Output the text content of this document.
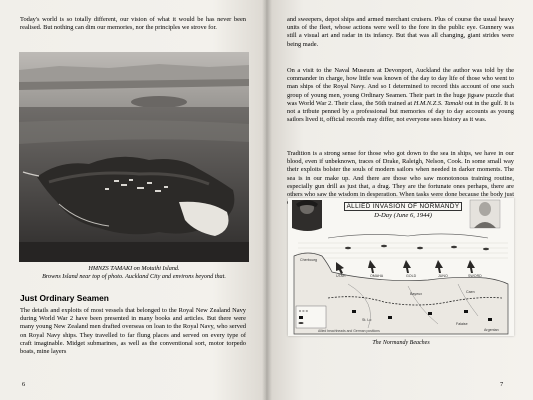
Today's world is so totally different, our vision of what it would be has never been realised. But nothing can dim our memories, nor the principles we strove for.

HMNZS TAMAKI on Motuihi Island.
Browns Island near top of photo. Auckland City and environs beyond that.
Just Ordinary Seamen

The details and exploits of most vessels that belonged to the Royal New Zealand Navy during World War 2 have been presented in many books and articles. But there were many young New Zealand men drafted overseas on loan to the Royal Navy, who served on Royal Navy ships. They travelled to far flung places and served on every type of craft imaginable. Midget submarines, as well as the conventional sort, motor torpedo boats, mine layers

6

and sweepers, depot ships and armed merchant cruisers. Plus of course the usual heavy units of the fleet, whose actions were well to the fore in the public eye. Gunnery was still a visual art and radar in its infancy. But that was all changing, giant strides were being made.

On a visit to the Naval Museum at Devonport, Auckland the author was told by the commander in charge, how little was known of the day to day life of those who went to man ships of the Royal Navy. And so I determined to record this account of one such group of young men, young Ordinary Seamen. Their part in the huge jigsaw puzzle that was World War 2. Their class, the 56th trained at H.M.N.Z.S. Tamaki out in the gulf. It is not a tribute penned by a professional but memories of day to day accounts as young sailors lived it, official records may differ, not everyone sees history as it was.

Tradition is a strong sense for those who got down to the sea in ships, we have in our blood, even if unbeknown, traces of Drake, Raleigh, Nelson, Cook. In some small way their exploits bolster the souls of modern sailors when needed in darker moments. The sea is in our make up. And there are those who saw monotonous training routine, especially gun drill as just that, a drag. They are the fortunate ones perhaps, there are others who saw the wisdom in desperation. When tasks were done because the body just

ALLIED INVASION OF NORMANDY
D-Day (June 6, 1944)
UTAH	OMAHA	GOLD	JUNO	SWORD
Cherbourg
Caen
Bayeux
St. Lo
Falaise
Argentan
Allied beachheads and German positions
The Normandy Beaches
7
